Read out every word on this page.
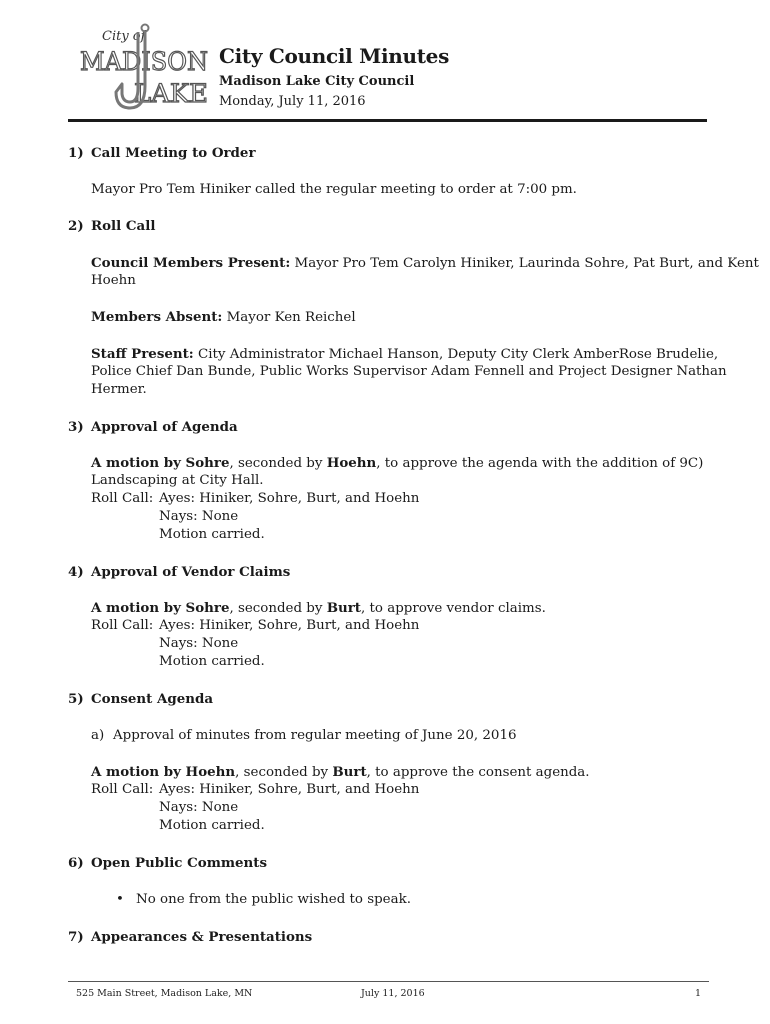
City of
MADISON
LAKE
City Council Minutes
Madison Lake City Council
Monday, July 11, 2016
1) Call Meeting to Order
Mayor Pro Tem Hiniker called the regular meeting to order at 7:00 pm.
2) Roll Call
Council Members Present: Mayor Pro Tem Carolyn Hiniker, Laurinda Sohre, Pat Burt, and Kent
Hoehn
Members Absent: Mayor Ken Reichel
Staff Present: City Administrator Michael Hanson, Deputy City Clerk AmberRose Brudelie,
Police Chief Dan Bunde, Public Works Supervisor Adam Fennell and Project Designer Nathan
Hermer.
3) Approval of Agenda
A motion by Sohre, seconded by Hoehn, to approve the agenda with the addition of 9C)
Landscaping at City Hall.
Roll Call: Ayes: Hiniker, Sohre, Burt, and Hoehn
Nays: None
Motion carried.
4) Approval of Vendor Claims
A motion by Sohre, seconded by Burt, to approve vendor claims.
Roll Call: Ayes: Hiniker, Sohre, Burt, and Hoehn
Nays: None
Motion carried.
5) Consent Agenda
a) Approval of minutes from regular meeting of June 20, 2016
A motion by Hoehn, seconded by Burt, to approve the consent agenda.
Roll Call: Ayes: Hiniker, Sohre, Burt, and Hoehn
Nays: None
Motion carried.
6) Open Public Comments
• No one from the public wished to speak.
7) Appearances & Presentations
525 Main Street, Madison Lake, MN	July 11, 2016	1
